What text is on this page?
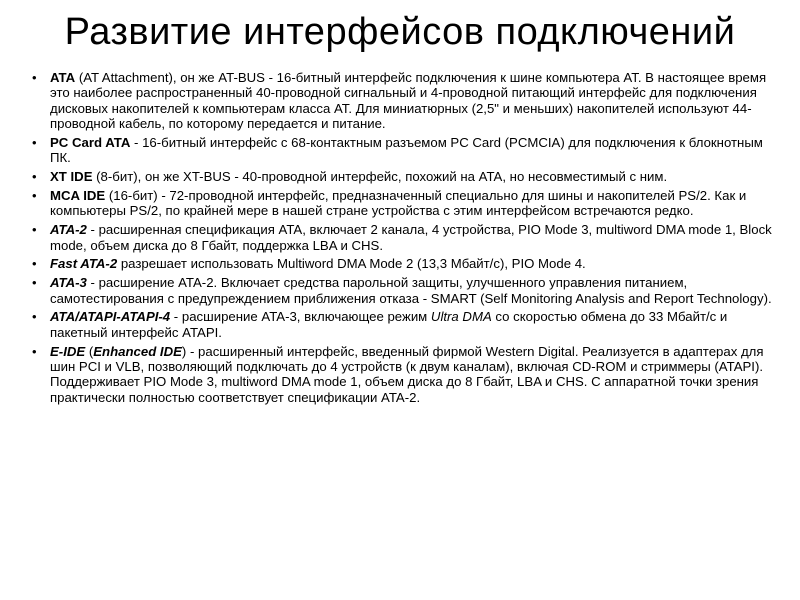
Развитие интерфейсов подключений
• ATA (AT Attachment), он же AT-BUS - 16-битный интерфейс подключения к шине компьютера AT. В настоящее время это наиболее распространенный 40-проводной сигнальный и 4-проводной питающий интерфейс для подключения дисковых накопителей к компьютерам класса AT. Для миниатюрных (2,5" и меньших) накопителей используют 44-проводной кабель, по которому передается и питание.
• PC Card ATA - 16-битный интерфейс с 68-контактным разъемом PC Card (PCMCIA) для подключения к блокнотным ПК.
• XT IDE (8-бит), он же XT-BUS - 40-проводной интерфейс, похожий на ATA, но несовместимый с ним.
• MCA IDE (16-бит) - 72-проводной интерфейс, предназначенный специально для шины и накопителей PS/2. Как и компьютеры PS/2, по крайней мере в нашей стране устройства с этим интерфейсом встречаются редко.
• ATA-2 - расширенная спецификация ATA, включает 2 канала, 4 устройства, PIO Mode 3, multiword DMA mode 1, Block mode, объем диска до 8 Гбайт, поддержка LBA и CHS.
• Fast ATA-2 разрешает использовать Multiword DMA Mode 2 (13,3 Мбайт/с), PIO Mode 4.
• ATA-3 - расширение ATA-2. Включает средства парольной защиты, улучшенного управления питанием, самотестирования с предупреждением приближения отказа - SMART (Self Monitoring Analysis and Report Technology).
• ATA/ATAPI-ATAPI-4 - расширение ATA-3, включающее режим Ultra DMA со скоростью обмена до 33 Мбайт/с и пакетный интерфейс ATAPI.
• E-IDE (Enhanced IDE) - расширенный интерфейс, введенный фирмой Western Digital. Реализуется в адаптерах для шин PCI и VLB, позволяющий подключать до 4 устройств (к двум каналам), включая CD-ROM и стриммеры (ATAPI). Поддерживает PIO Mode 3, multiword DMA mode 1, объем диска до 8 Гбайт, LBA и CHS. С аппаратной точки зрения практически полностью соответствует спецификации ATA-2.
